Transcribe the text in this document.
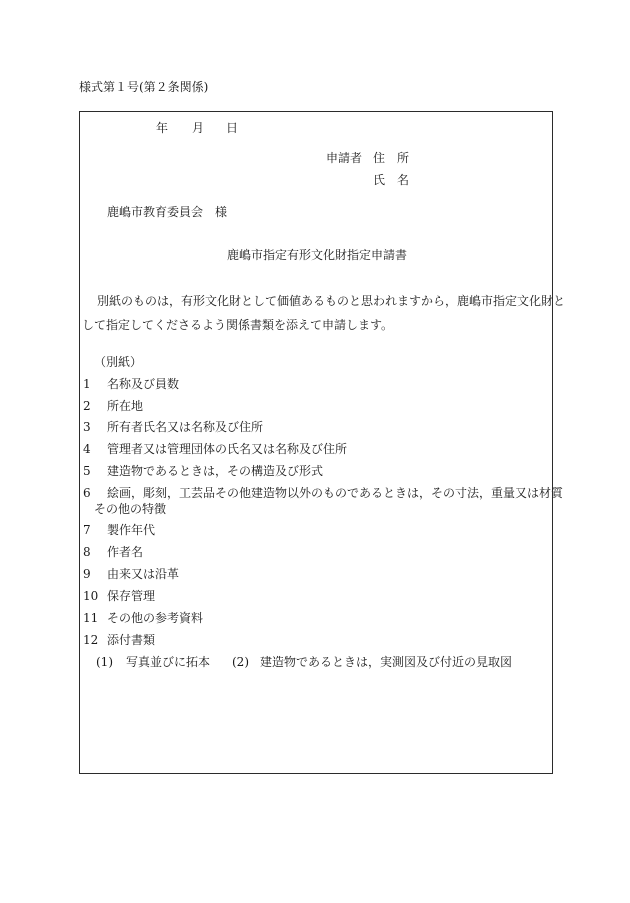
様式第１号(第２条関係)
年 月 日
申請者 住　所
氏　名
鹿嶋市教育委員会　様
鹿嶋市指定有形文化財指定申請書
別紙のものは，有形文化財として価値あるものと思われますから，鹿嶋市指定文化財と
して指定してくださるよう関係書類を添えて申請します。
（別紙）
1 名称及び員数
2 所在地
3 所有者氏名又は名称及び住所
4 管理者又は管理団体の氏名又は名称及び住所
5 建造物であるときは，その構造及び形式
6 絵画，彫刻，工芸品その他建造物以外のものであるときは，その寸法，重量又は材質
その他の特徴
7 製作年代
8 作者名
9 由来又は沿革
10 保存管理
11 その他の参考資料
12 添付書類
(1) 写真並びに拓本 (2) 建造物であるときは，実測図及び付近の見取図
